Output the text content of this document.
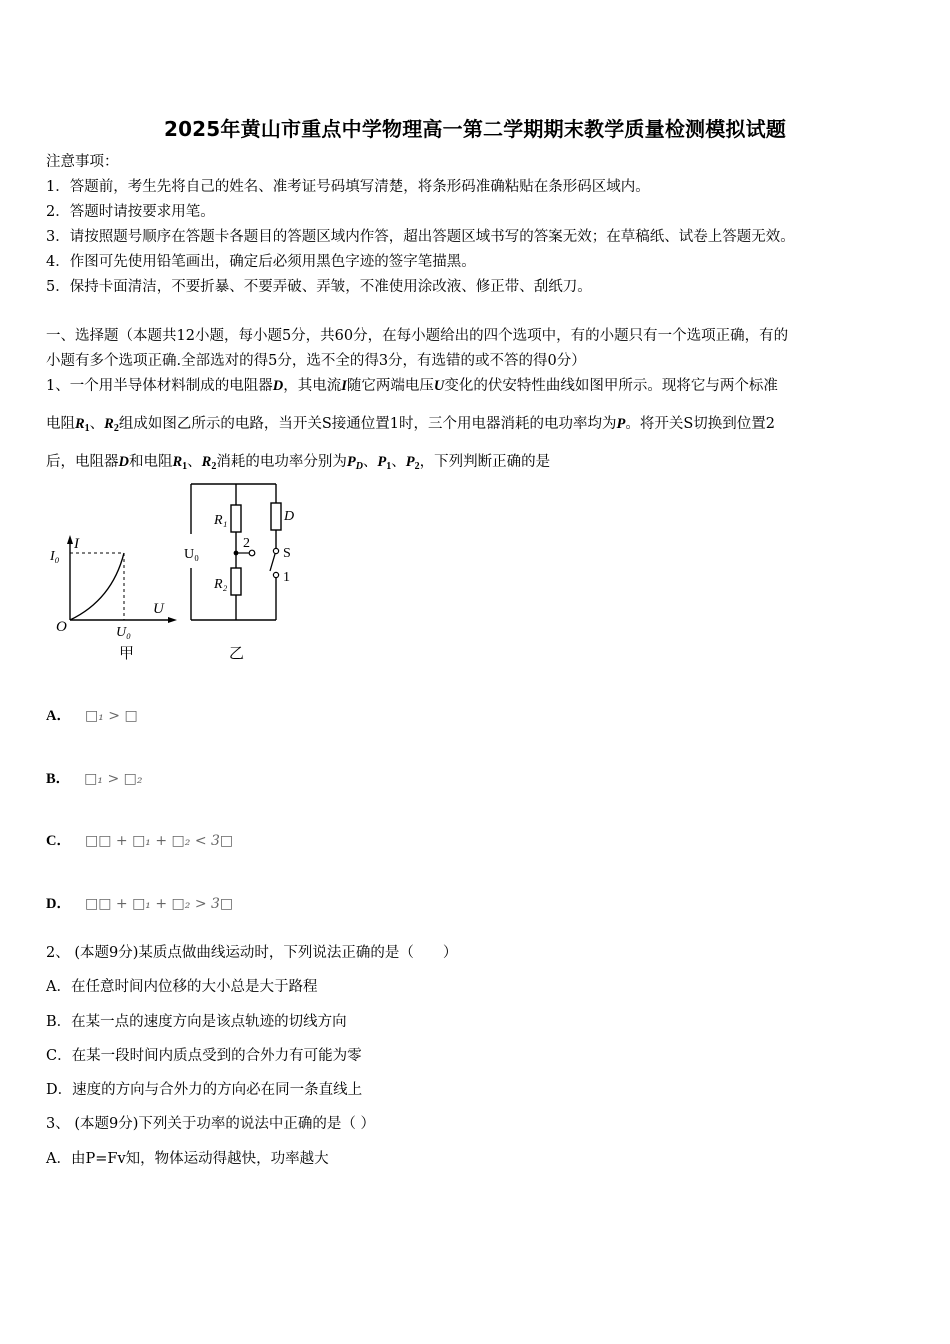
2025年黄山市重点中学物理高一第二学期期末教学质量检测模拟试题
注意事项：
1．答题前，考生先将自己的姓名、准考证号码填写清楚，将条形码准确粘贴在条形码区域内。
2．答题时请按要求用笔。
3．请按照题号顺序在答题卡各题目的答题区域内作答，超出答题区域书写的答案无效；在草稿纸、试卷上答题无效。
4．作图可先使用铅笔画出，确定后必须用黑色字迹的签字笔描黑。
5．保持卡面清洁，不要折暴、不要弄破、弄皱，不准使用涂改液、修正带、刮纸刀。
一、选择题（本题共12小题，每小题5分，共60分，在每小题给出的四个选项中，有的小题只有一个选项正确，有的
小题有多个选项正确.全部选对的得5分，选不全的得3分，有选错的或不答的得0分）
1、一个用半导体材料制成的电阻器D，其电流I随它两端电压U变化的伏安特性曲线如图甲所示。现将它与两个标准
电阻$R_1$、$R_2$组成如图乙所示的电路，当开关S接通位置1时，三个用电器消耗的电功率均为P。将开关S切换到位置2
后，电阻器D和电阻$R_1$、$R_2$消耗的电功率分别为$P_D$、$P_1$、$P_2$，下列判断正确的是
I
U
O
I₀
U₀
甲
U₀
R₁
R₂
2
D
S
1
乙
A． □₁ > □
B． □₁ > □₂
C． □□ + □₁ + □₂ < 3□
D． □□ + □₁ + □₂ > 3□
2、 (本题9分)某质点做曲线运动时，下列说法正确的是（　　）
A．在任意时间内位移的大小总是大于路程
B．在某一点的速度方向是该点轨迹的切线方向
C．在某一段时间内质点受到的合外力有可能为零
D．速度的方向与合外力的方向必在同一条直线上
3、 (本题9分)下列关于功率的说法中正确的是（ ）
A．由P=Fv知，物体运动得越快，功率越大
